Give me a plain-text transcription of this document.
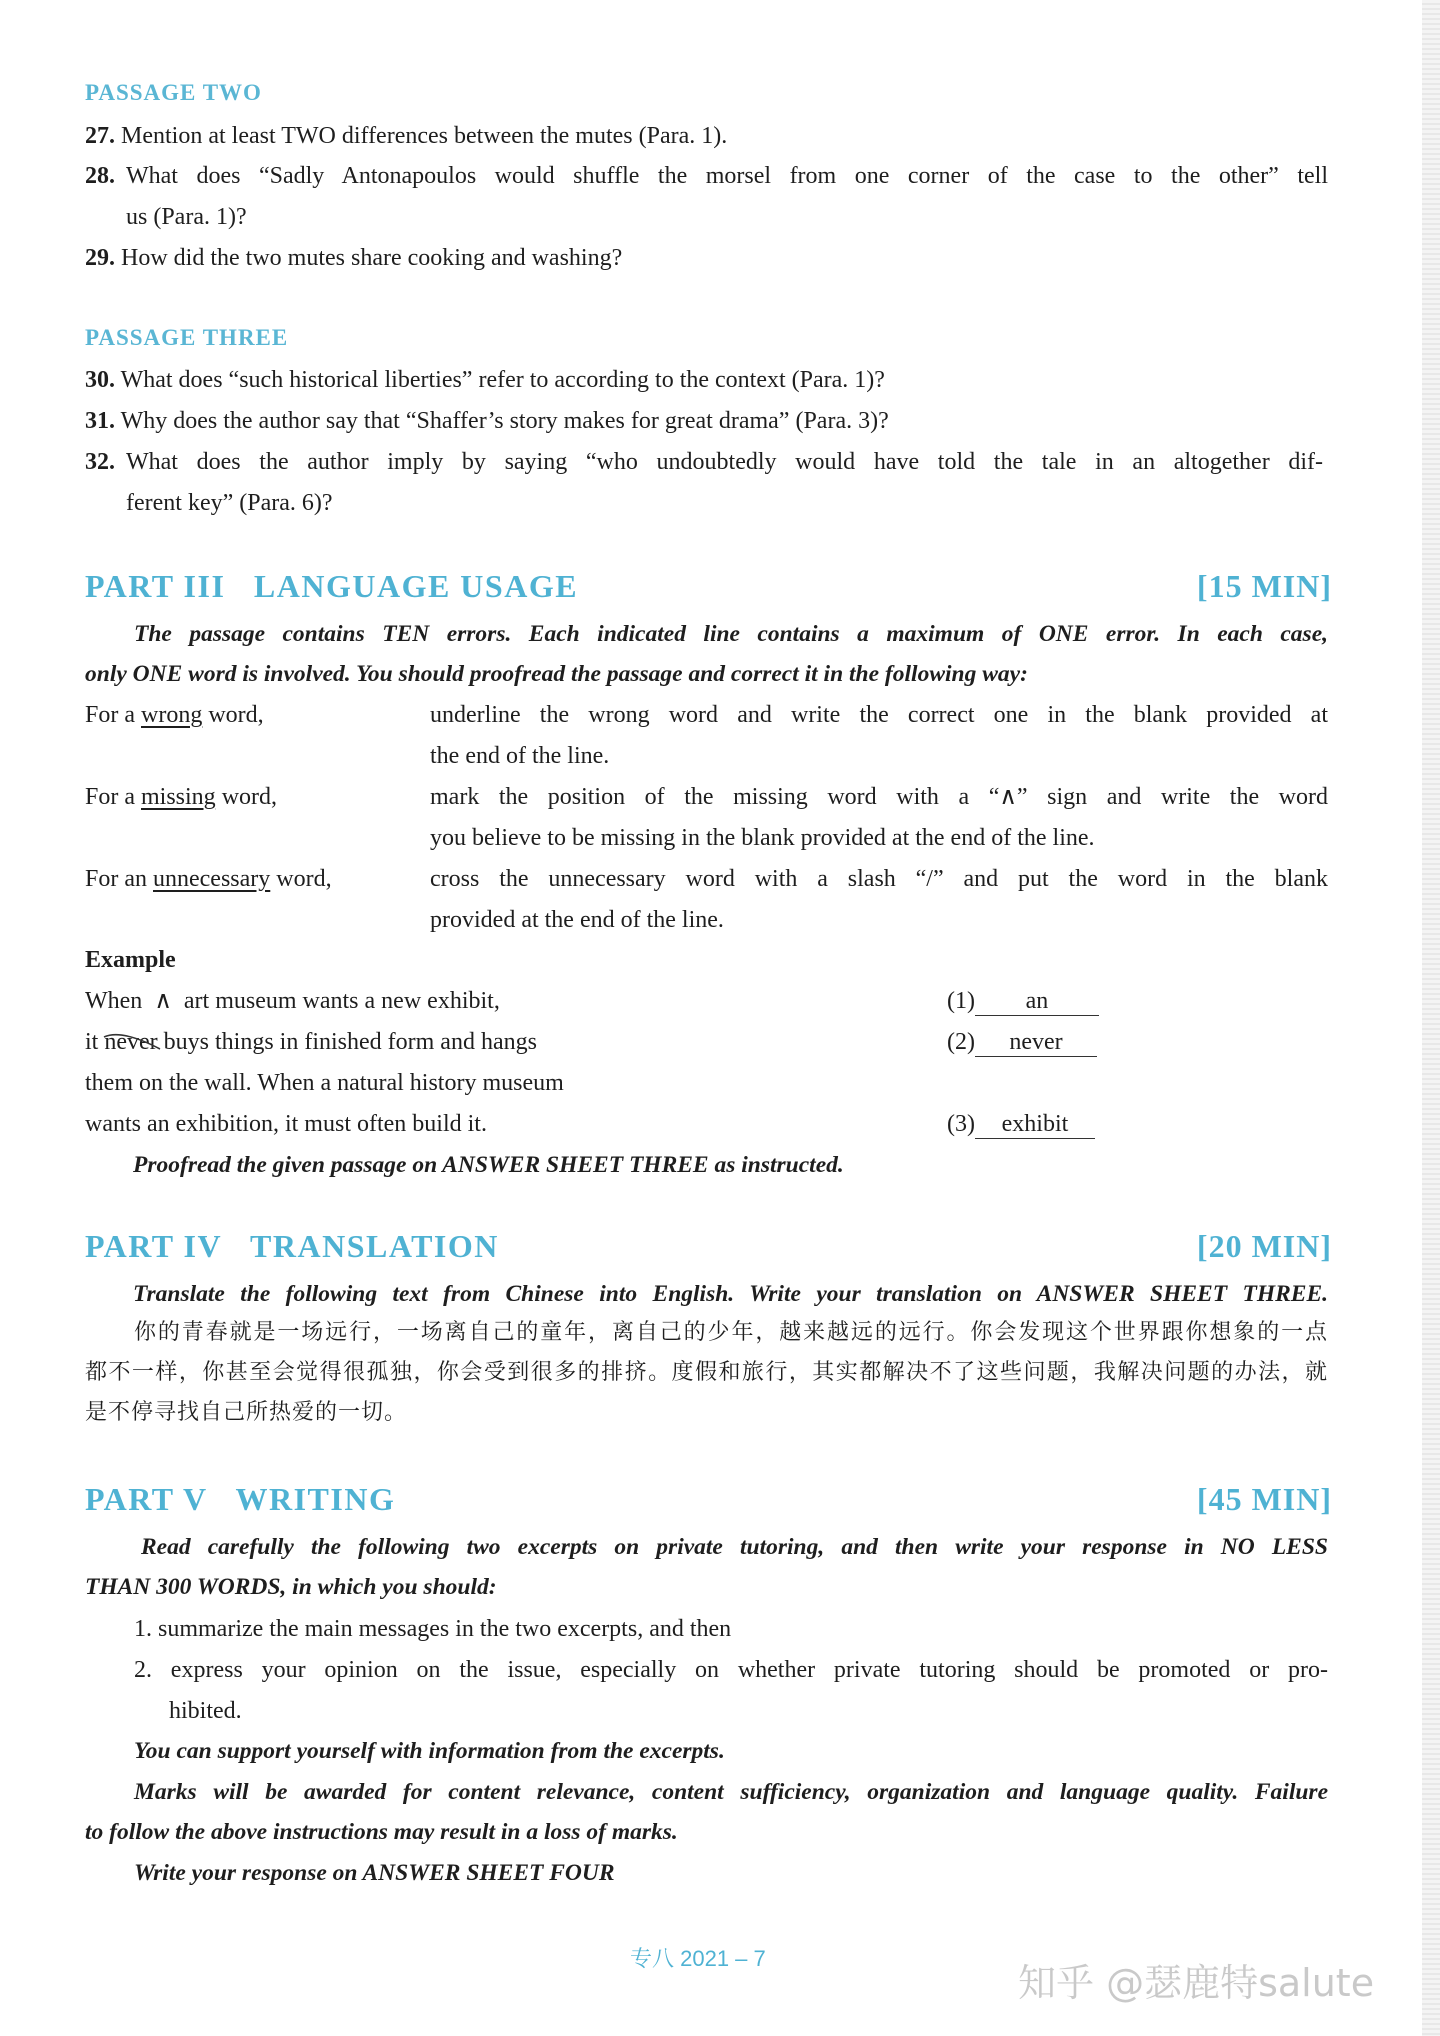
PASSAGE TWO
27. Mention at least TWO differences between the mutes (Para. 1).
28. What does “Sadly Antonapoulos would shuffle the morsel from one corner of the case to the other” tell
us (Para. 1)?
29. How did the two mutes share cooking and washing?
PASSAGE THREE
30. What does “such historical liberties” refer to according to the context (Para. 1)?
31. Why does the author say that “Shaffer’s story makes for great drama” (Para. 3)?
32. What does the author imply by saying “who undoubtedly would have told the tale in an altogether dif-
ferent key” (Para. 6)?
PART III LANGUAGE USAGE	[15 MIN]
The passage contains TEN errors. Each indicated line contains a maximum of ONE error. In each case,
only ONE word is involved. You should proofread the passage and correct it in the following way:
For a wrong word,	underline the wrong word and write the correct one in the blank provided at
the end of the line.
For a missing word,	mark the position of the missing word with a “∧” sign and write the word
you believe to be missing in the blank provided at the end of the line.
For an unnecessary word,	cross the unnecessary word with a slash “/” and put the word in the blank
provided at the end of the line.
Example
When ∧ art museum wants a new exhibit,
it never buys things in finished form and hangs
them on the wall. When a natural history museum
wants an exhibition, it must often build it.
(1) an
(2) never
(3) exhibit
Proofread the given passage on ANSWER SHEET THREE as instructed.
PART IV TRANSLATION	[20 MIN]
Translate the following text from Chinese into English. Write your translation on ANSWER SHEET THREE.
你的青春就是一场远行，一场离自己的童年，离自己的少年，越来越远的远行。你会发现这个世界跟你想象的一点
都不一样，你甚至会觉得很孤独，你会受到很多的排挤。度假和旅行，其实都解决不了这些问题，我解决问题的办法，就
是不停寻找自己所热爱的一切。
PART V WRITING	[45 MIN]
Read carefully the following two excerpts on private tutoring, and then write your response in NO LESS
THAN 300 WORDS, in which you should:
1. summarize the main messages in the two excerpts, and then
2. express your opinion on the issue, especially on whether private tutoring should be promoted or pro-
hibited.
You can support yourself with information from the excerpts.
Marks will be awarded for content relevance, content sufficiency, organization and language quality. Failure
to follow the above instructions may result in a loss of marks.
Write your response on ANSWER SHEET FOUR
专八 2021 – 7
知乎 @瑟鹿特salute
